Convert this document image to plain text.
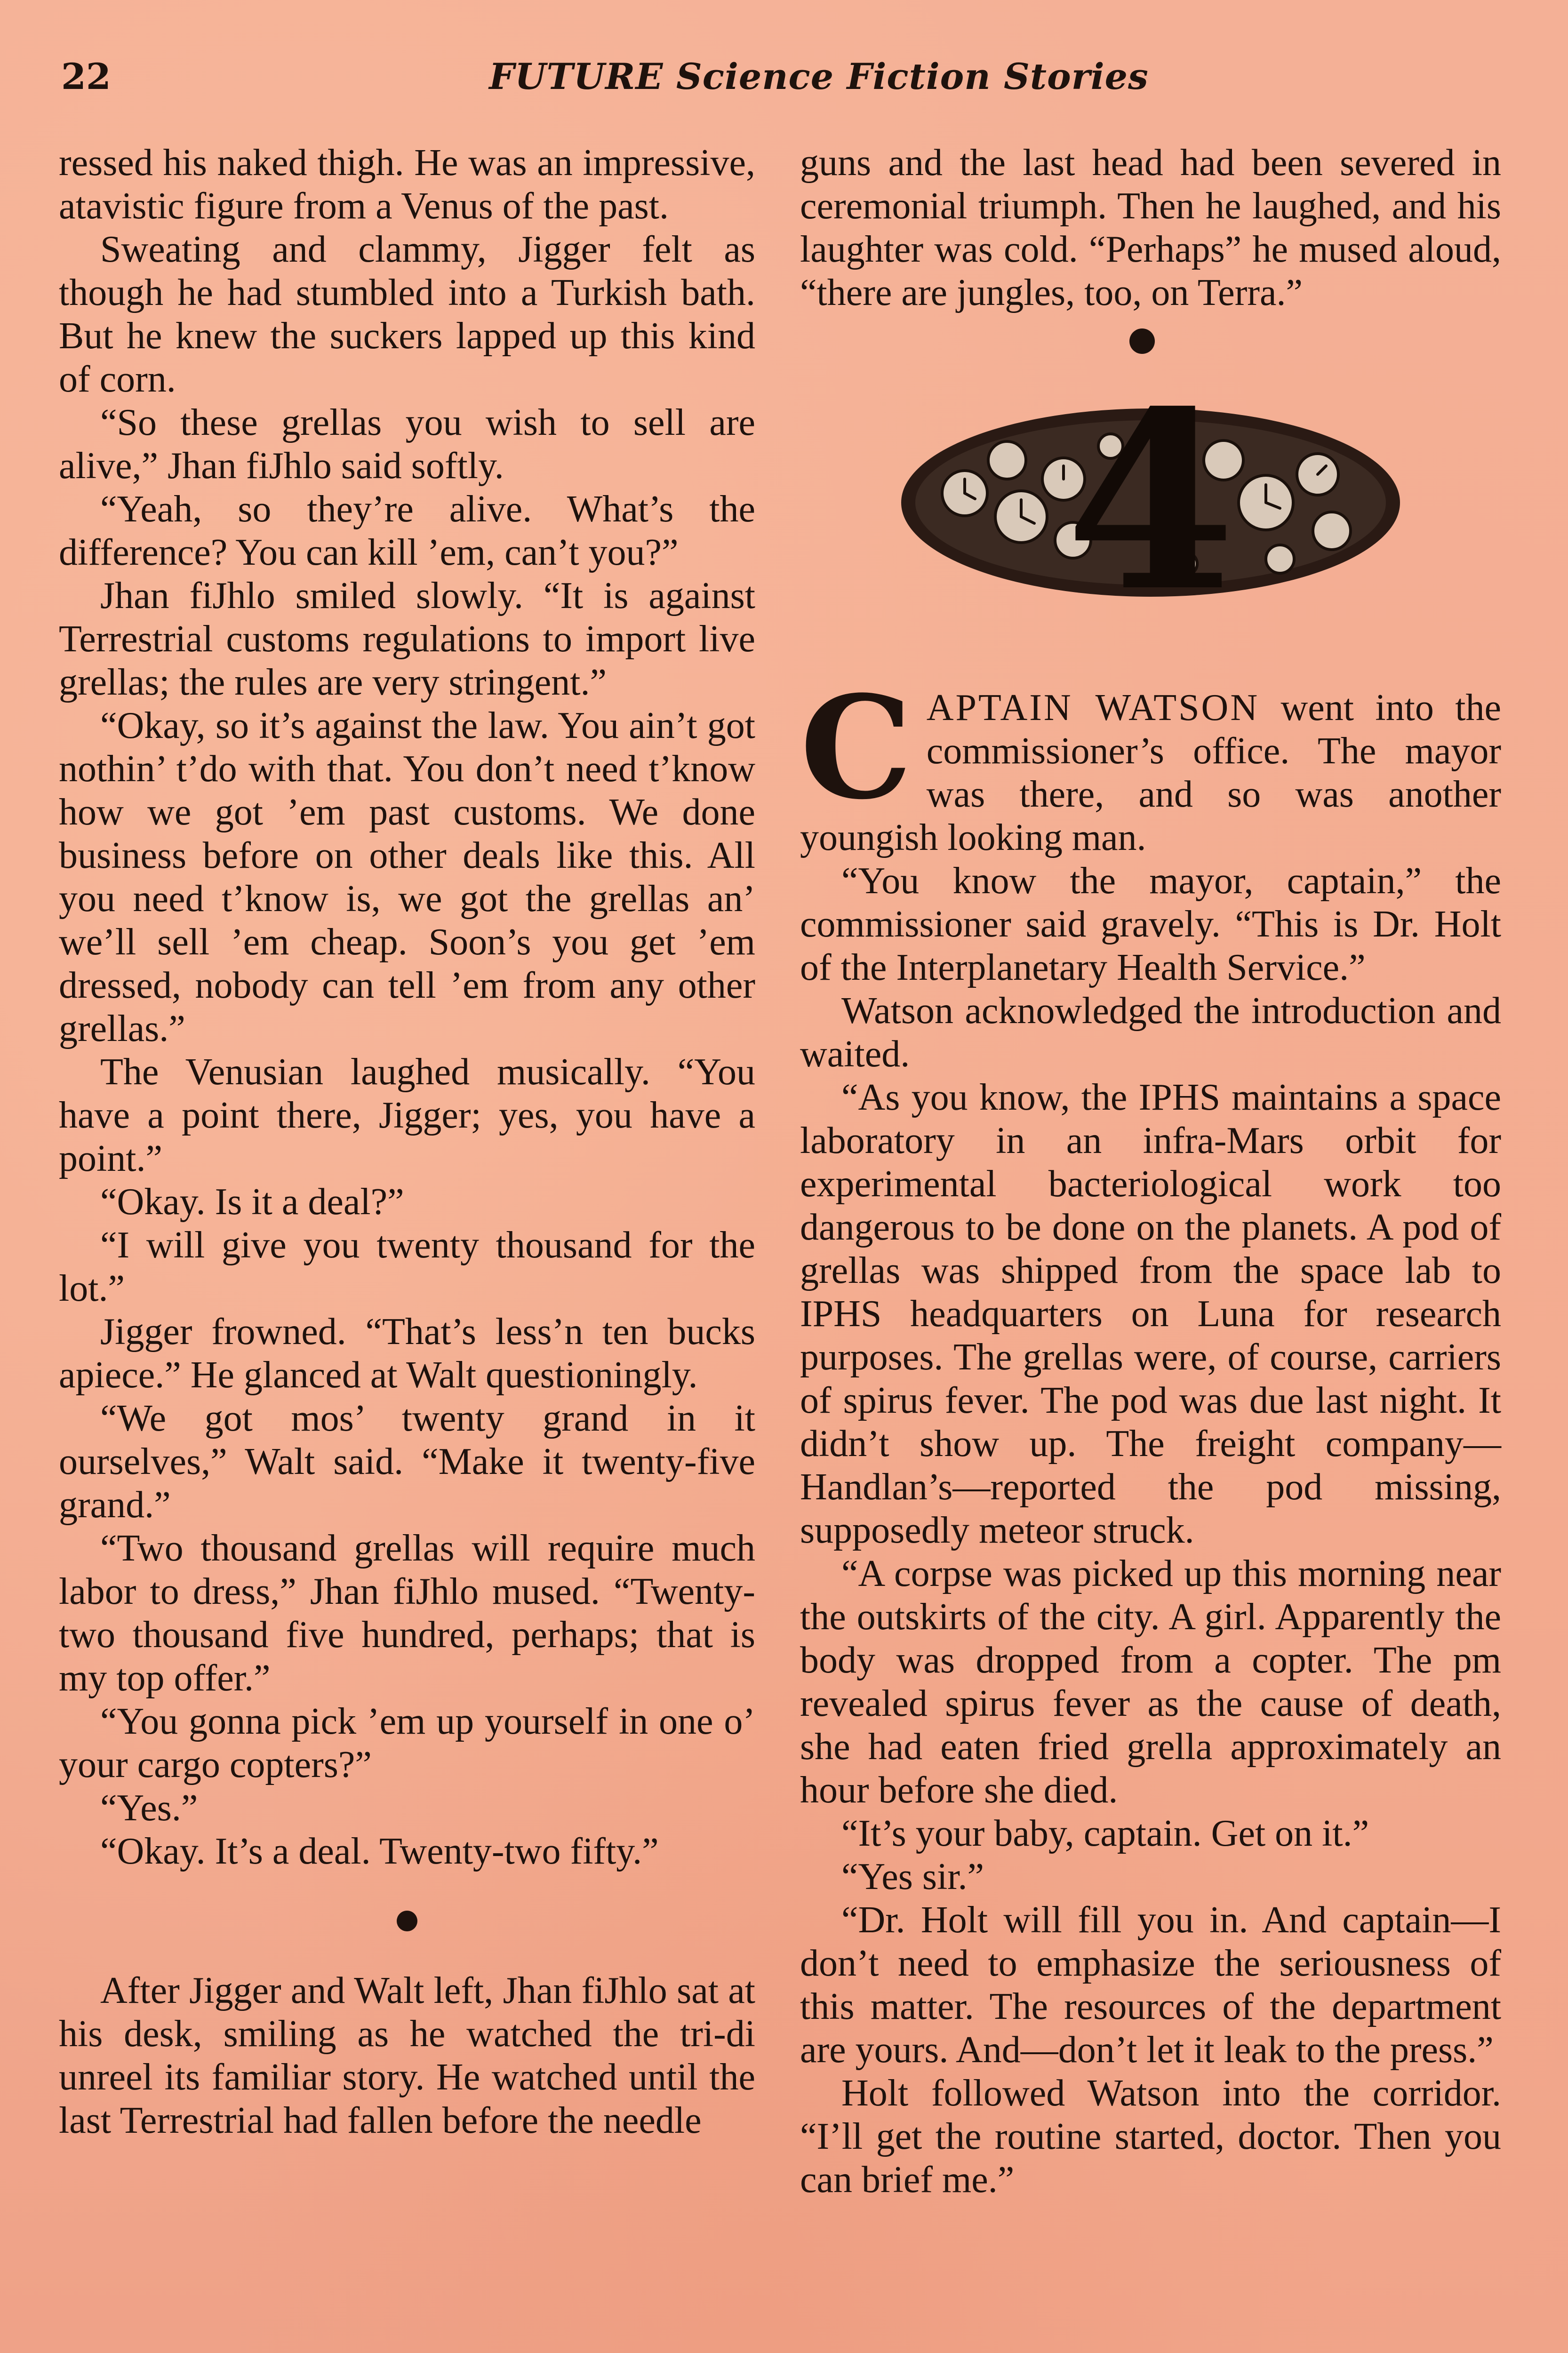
22	FUTURE Science Fiction Stories

ressed his naked thigh. He was an impressive, atavistic figure from a Venus of the past.

Sweating and clammy, Jigger felt as though he had stumbled into a Turkish bath. But he knew the suckers lapped up this kind of corn.

“So these grellas you wish to sell are alive,” Jhan fiJhlo said softly.

“Yeah, so they’re alive. What’s the difference? You can kill ’em, can’t you?”

Jhan fiJhlo smiled slowly. “It is against Terrestrial customs regulations to import live grellas; the rules are very stringent.”

“Okay, so it’s against the law. You ain’t got nothin’ t’do with that. You don’t need t’know how we got ’em past customs. We done business before on other deals like this. All you need t’know is, we got the grellas an’ we’ll sell ’em cheap. Soon’s you get ’em dressed, nobody can tell ’em from any other grellas.”

The Venusian laughed musically. “You have a point there, Jigger; yes, you have a point.”

“Okay. Is it a deal?”

“I will give you twenty thousand for the lot.”

Jigger frowned. “That’s less’n ten bucks apiece.” He glanced at Walt questioningly.

“We got mos’ twenty grand in it ourselves,” Walt said. “Make it twenty-five grand.”

“Two thousand grellas will require much labor to dress,” Jhan fiJhlo mused. “Twenty-two thousand five hundred, perhaps; that is my top offer.”

“You gonna pick ’em up yourself in one o’ your cargo copters?”

“Yes.”

“Okay. It’s a deal. Twenty-two fifty.”

After Jigger and Walt left, Jhan fiJhlo sat at his desk, smiling as he watched the tri-di unreel its familiar story. He watched until the last Terrestrial had fallen before the needle

guns and the last head had been severed in ceremonial triumph. Then he laughed, and his laughter was cold. “Perhaps” he mused aloud, “there are jungles, too, on Terra.”

4
C APTAIN WATSON went into the commissioner’s office. The mayor was there, and so was another youngish looking man.

“You know the mayor, captain,” the commissioner said gravely. “This is Dr. Holt of the Interplanetary Health Service.”

Watson acknowledged the introduction and waited.

“As you know, the IPHS maintains a space laboratory in an infra-Mars orbit for experimental bacteriological work too dangerous to be done on the planets. A pod of grellas was shipped from the space lab to IPHS headquarters on Luna for research purposes. The grellas were, of course, carriers of spirus fever. The pod was due last night. It didn’t show up. The freight company—Handlan’s—reported the pod missing, supposedly meteor struck.

“A corpse was picked up this morning near the outskirts of the city. A girl. Apparently the body was dropped from a copter. The pm revealed spirus fever as the cause of death, she had eaten fried grella approximately an hour before she died.

“It’s your baby, captain. Get on it.”

“Yes sir.”

“Dr. Holt will fill you in. And captain—I don’t need to emphasize the seriousness of this matter. The resources of the department are yours. And—don’t let it leak to the press.”

Holt followed Watson into the corridor. “I’ll get the routine started, doctor. Then you can brief me.”
